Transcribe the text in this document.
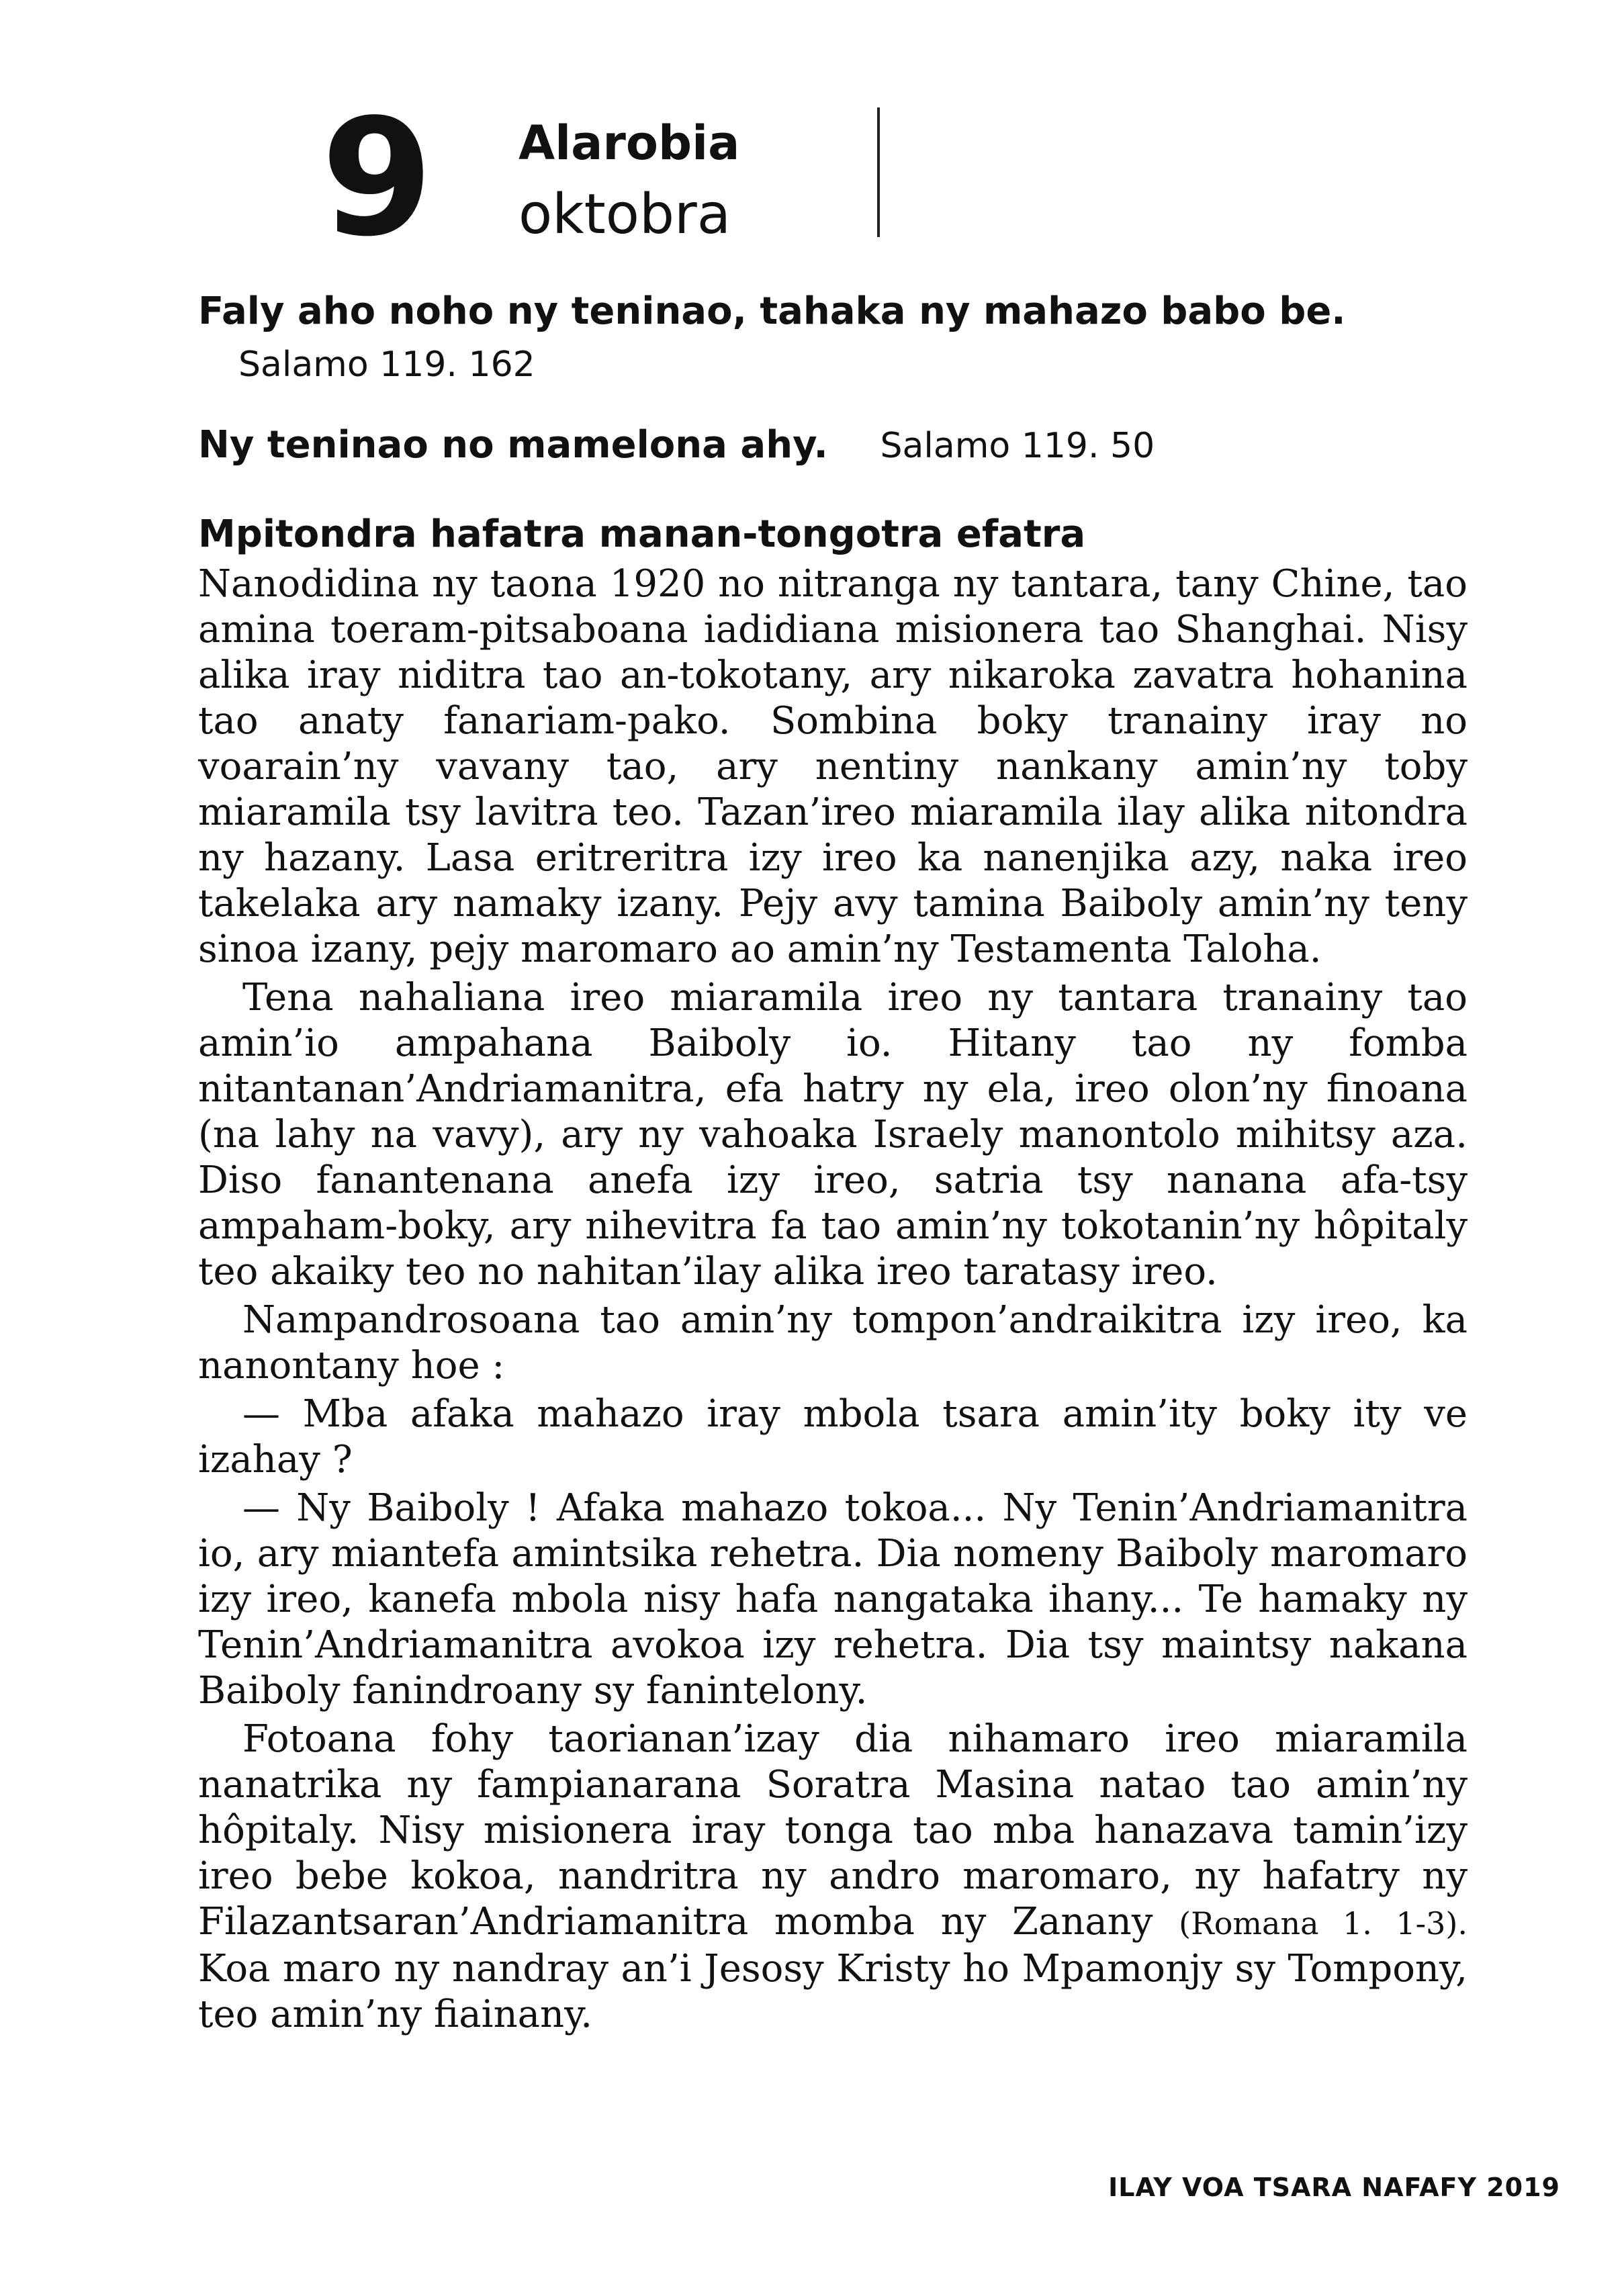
9	Alarobia
oktobra

Faly aho noho ny teninao, tahaka ny mahazo babo be. Salamo 119. 162

Ny teninao no mamelona ahy. Salamo 119. 50

Mpitondra hafatra manan-tongotra efatra

Nanodidina ny taona 1920 no nitranga ny tantara, tany Chine, tao amina toeram-pitsaboana iadidiana misionera tao Shanghai. Nisy alika iray niditra tao an-tokotany, ary nikaroka zavatra hohanina tao anaty fanariam-pako. Sombina boky tranainy iray no voarain’ny vavany tao, ary nentiny nankany amin’ny toby miaramila tsy lavitra teo. Tazan’ireo miaramila ilay alika nitondra ny hazany. Lasa eritreritra izy ireo ka nanenjika azy, naka ireo takelaka ary namaky izany. Pejy avy tamina Baiboly amin’ny teny sinoa izany, pejy maromaro ao amin’ny Testamenta Taloha.

Tena nahaliana ireo miaramila ireo ny tantara tranainy tao amin’io ampahana Baiboly io. Hitany tao ny fomba nitantanan’Andriamanitra, efa hatry ny ela, ireo olon’ny finoana (na lahy na vavy), ary ny vahoaka Israely manontolo mihitsy aza. Diso fanantenana anefa izy ireo, satria tsy nanana afa-tsy ampaham-boky, ary nihevitra fa tao amin’ny tokotanin’ny hôpitaly teo akaiky teo no nahitan’ilay alika ireo taratasy ireo.

Nampandrosoana tao amin’ny tompon’andraikitra izy ireo, ka nanontany hoe :

— Mba afaka mahazo iray mbola tsara amin’ity boky ity ve izahay ?

— Ny Baiboly ! Afaka mahazo tokoa... Ny Tenin’Andriamanitra io, ary miantefa amintsika rehetra. Dia nomeny Baiboly maromaro izy ireo, kanefa mbola nisy hafa nangataka ihany... Te hamaky ny Tenin’Andriamanitra avokoa izy rehetra. Dia tsy maintsy nakana Baiboly fanindroany sy fanintelony.

Fotoana fohy taorianan’izay dia nihamaro ireo miaramila nanatrika ny fampianarana Soratra Masina natao tao amin’ny hôpitaly. Nisy misionera iray tonga tao mba hanazava tamin’izy ireo bebe kokoa, nandritra ny andro maromaro, ny hafatry ny Filazantsaran’Andriamanitra momba ny Zanany (Romana 1. 1-3). Koa maro ny nandray an’i Jesosy Kristy ho Mpamonjy sy Tompony, teo amin’ny fiainany.

ILAY VOA TSARA NAFAFY 2019
